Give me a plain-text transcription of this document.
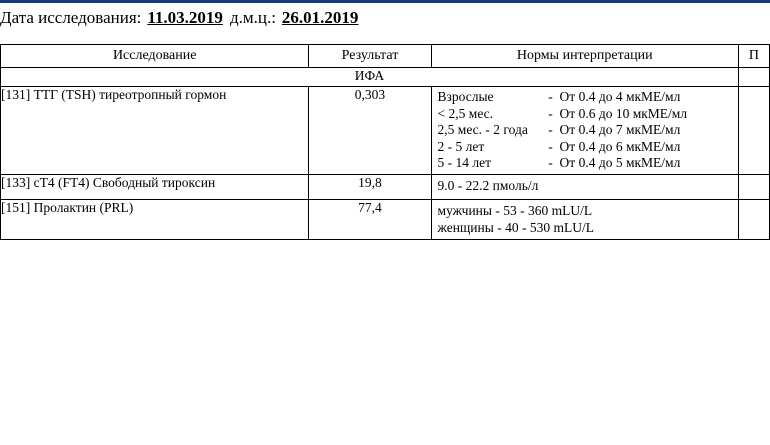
Дата исследования: 11.03.2019 д.м.ц.: 26.01.2019
Исследование	Результат	Нормы интерпретации	П
ИФА			
[131] ТТГ (TSH) тиреотропный гормон	0,303	Взрослые	- От 0.4 до 4 мкМЕ/мл
< 2,5 мес.	- От 0.6 до 10 мкМЕ/мл
2,5 мес. - 2 года	- От 0.4 до 7 мкМЕ/мл
2 - 5 лет	- От 0.4 до 6 мкМЕ/мл
5 - 14 лет	- От 0.4 до 5 мкМЕ/мл

[133] сТ4 (FT4) Свободный тироксин	19,8	9.0 - 22.2 пмоль/л	

[151] Пролактин (PRL)	77,4	мужчины - 53 - 360 mLU/L
женщины - 40 - 530 mLU/L	
